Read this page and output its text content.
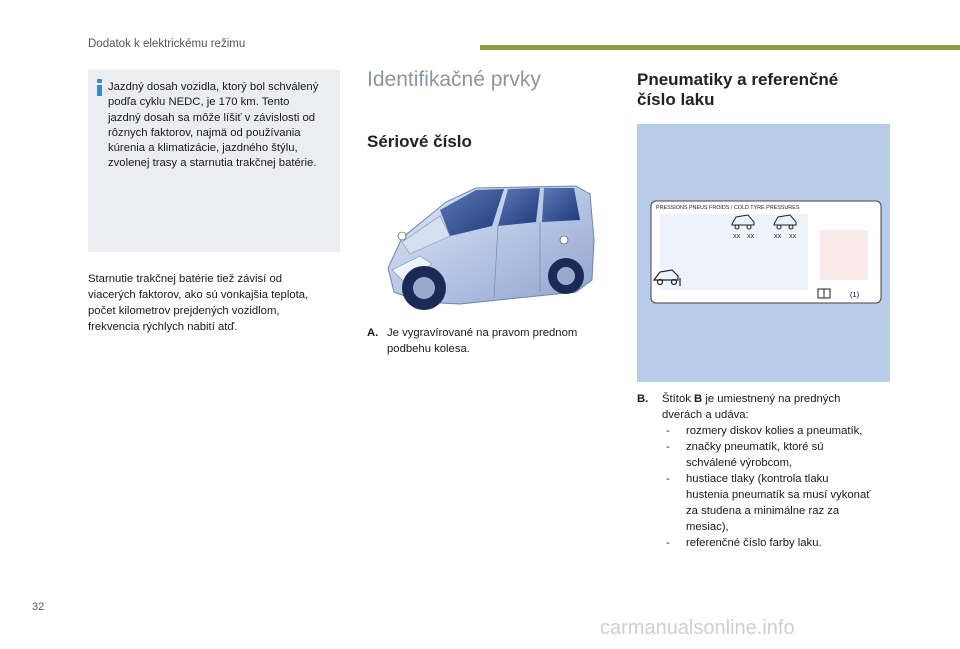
Dodatok k elektrickému režimu
Jazdný dosah vozidla, ktorý bol schválený
podľa cyklu NEDC, je 170 km. Tento
jazdný dosah sa môže líšiť v závislosti od
rôznych faktorov, najmä od používania
kúrenia a klimatizácie, jazdného štýlu,
zvolenej trasy a starnutia trakčnej batérie.
Starnutie trakčnej batérie tiež závisí od
viacerých faktorov, ako sú vonkajšia teplota,
počet kilometrov prejdených vozidlom,
frekvencia rýchlych nabití atď.
Identifikačné prvky
Sériové číslo
A. Je vygravírované na pravom prednom
podbehu kolesa.
Pneumatiky a referenčné
číslo laku
PRESSIONS PNEUS FROIDS / COLD TYRE PRESSURES
XX XX	XX XX
(1)
B. Štítok B je umiestnený na predných
dverách a udáva:
- rozmery diskov kolies a pneumatík,
- značky pneumatík, ktoré sú
schválené výrobcom,
- hustiace tlaky (kontrola tlaku
hustenia pneumatík sa musí vykonať
za studena a minimálne raz za
mesiac),
- referenčné číslo farby laku.
32
carmanualsonline.info
